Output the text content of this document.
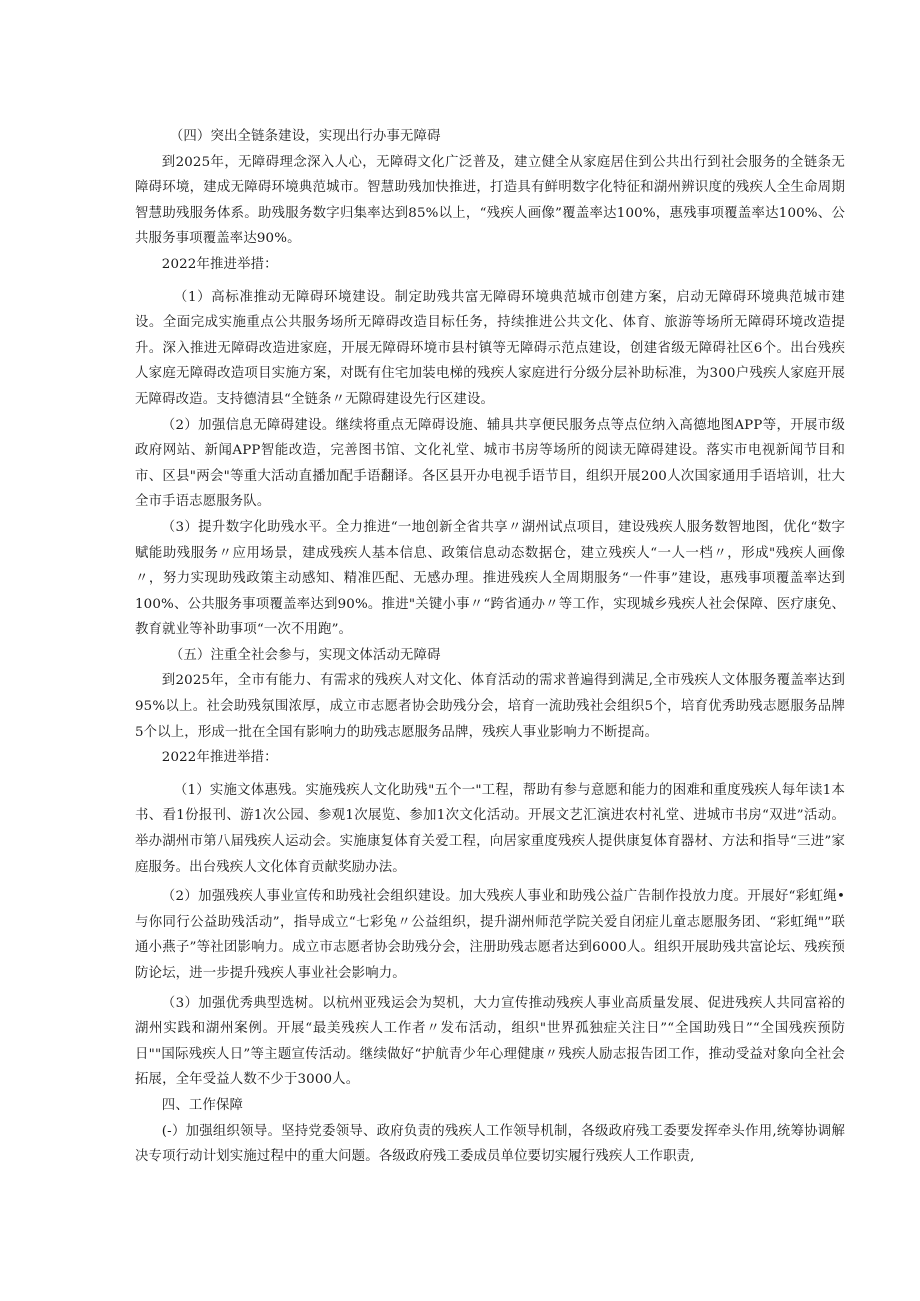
（四）突出全链条建设，实现出行办事无障碍

到2025年，无障碍理念深入人心，无障碍文化广泛普及，建立健全从家庭居住到公共出行到社会服务的全链条无障碍环境，建成无障碍环境典范城市。智慧助残加快推进，打造具有鲜明数字化特征和湖州辨识度的残疾人全生命周期智慧助残服务体系。助残服务数字归集率达到85%以上，“残疾人画像”覆盖率达100%，惠残事项覆盖率达100%、公共服务事项覆盖率达90%。

2022年推进举措：

（1）高标准推动无障碍环境建设。制定助残共富无障碍环境典范城市创建方案，启动无障碍环境典范城市建设。全面完成实施重点公共服务场所无障碍改造目标任务，持续推进公共文化、体育、旅游等场所无障碍环境改造提升。深入推进无障碍改造进家庭，开展无障碍环境市县村镇等无障碍示范点建设，创建省级无障碍社区6个。出台残疾人家庭无障碍改造项目实施方案，对既有住宅加装电梯的残疾人家庭进行分级分层补助标准，为300户残疾人家庭开展无障碍改造。支持德清县“全链条〃无隙碍建设先行区建设。

（2）加强信息无障碍建设。继续将重点无障碍设施、辅具共享便民服务点等点位纳入高德地图APP等，开展市级政府网站、新闻APP智能改造，完善图书馆、文化礼堂、城市书房等场所的阅读无障碍建设。落实市电视新闻节目和市、区县"两会"等重大活动直播加配手语翻译。各区县开办电视手语节目，组织开展200人次国家通用手语培训，壮大全市手语志愿服务队。

（3）提升数字化助残水平。全力推进“一地创新全省共享〃湖州试点项目，建设残疾人服务数智地图，优化“数字赋能助残服务〃应用场景，建成残疾人基本信息、政策信息动态数据仓，建立残疾人“一人一档〃，形成"残疾人画像〃，努力实现助残政策主动感知、精准匹配、无感办理。推进残疾人全周期服务“一件事”建设，惠残事项覆盖率达到100%、公共服务事项覆盖率达到90%。推进"关键小事〃“跨省通办〃等工作，实现城乡残疾人社会保障、医疗康免、教育就业等补助事项“一次不用跑”。

（五）注重全社会参与，实现文体活动无障碍

到2025年，全市有能力、有需求的残疾人对文化、体育活动的需求普遍得到满足,全市残疾人文体服务覆盖率达到95%以上。社会助残氛围浓厚，成立市志愿者协会助残分会，培育一流助残社会组织5个，培育优秀助残志愿服务品牌5个以上，形成一批在全国有影响力的助残志愿服务品牌，残疾人事业影响力不断提高。

2022年推进举措：

（1）实施文体惠残。实施残疾人文化助残"五个一"工程，帮助有参与意愿和能力的困难和重度残疾人每年读1本书、看1份报刊、游1次公园、参观1次展览、参加1次文化活动。开展文艺汇演进农村礼堂、进城市书房“双进”活动。举办湖州市第八届残疾人运动会。实施康复体育关爱工程，向居家重度残疾人提供康复体育器材、方法和指导“三进”家庭服务。出台残疾人文化体育贡献奖励办法。

（2）加强残疾人事业宣传和助残社会组织建设。加大残疾人事业和助残公益广告制作投放力度。开展好“彩虹绳•与你同行公益助残活动”，指导成立“七彩兔〃公益组织，提升湖州师范学院关爱自闭症儿童志愿服务团、“彩虹绳"”联通小燕子”等社团影响力。成立市志愿者协会助残分会，注册助残志愿者达到6000人。组织开展助残共富论坛、残疾预防论坛，进一步提升残疾人事业社会影响力。

（3）加强优秀典型选树。以杭州亚残运会为契机，大力宣传推动残疾人事业高质量发展、促进残疾人共同富裕的湖州实践和湖州案例。开展“最美残疾人工作者〃发布活动，组织"世界孤独症关注日”“全国助残日”“全国残疾预防日""国际残疾人日”等主题宣传活动。继续做好“护航青少年心理健康〃残疾人励志报告团工作，推动受益对象向全社会拓展，全年受益人数不少于3000人。

四、工作保障

(-）加强组织领导。坚持党委领导、政府负责的残疾人工作领导机制，各级政府残工委要发挥牵头作用,统筹协调解决专项行动计划实施过程中的重大问题。各级政府残工委成员单位要切实履行残疾人工作职责,
